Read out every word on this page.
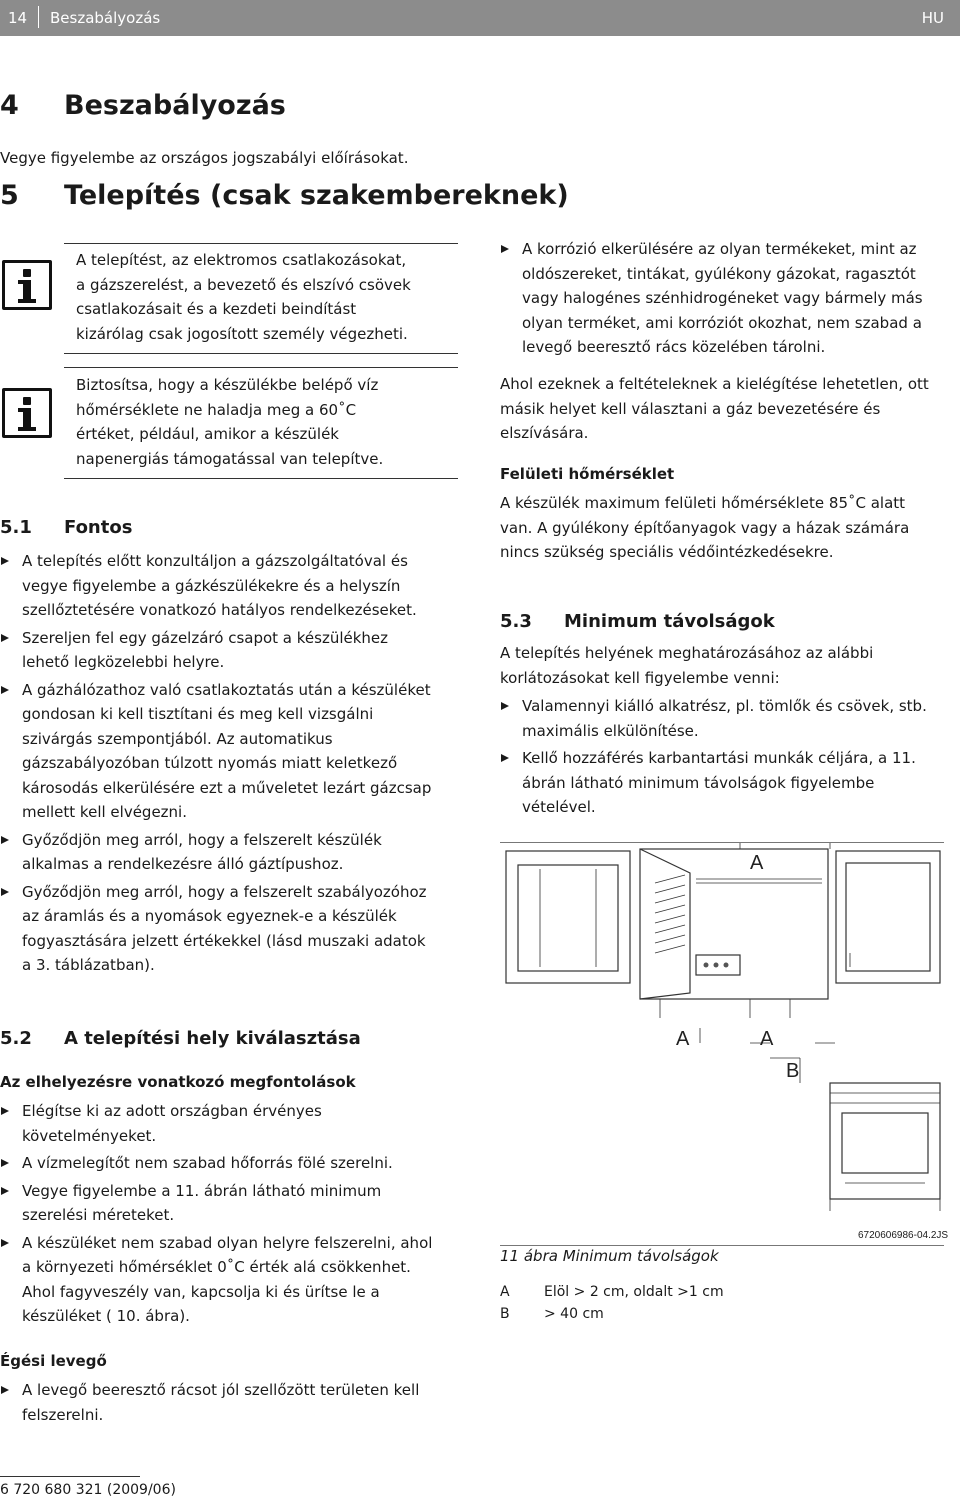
14 Beszabályozás	HU
4 Beszabályozás

Vegye figyelembe az országos jogszabályi előírásokat.

5 Telepítés (csak szakembereknek)

A telepítést, az elektromos csatlakozásokat,

a gázszerelést, a bevezető és elszívó csövek

csatlakozásait és a kezdeti beindítást

kizárólag csak jogosított személy végezheti.

Biztosítsa, hogy a készülékbe belépő víz

hőmérséklete ne haladja meg a 60˚C

értéket, például, amikor a készülék

napenergiás támogatással van telepítve.

5.1 Fontos
A telepítés előtt konzultáljon a gázszolgáltatóval és
vegye figyelembe a gázkészülékekre és a helyszín
szellőztetésére vonatkozó hatályos rendelkezéseket.
Szereljen fel egy gázelzáró csapot a készülékhez
lehető legközelebbi helyre.
A gázhálózathoz való csatlakoztatás után a készüléket
gondosan ki kell tisztítani és meg kell vizsgálni
szivárgás szempontjából. Az automatikus
gázszabályozóban túlzott nyomás miatt keletkező
károsodás elkerülésére ezt a műveletet lezárt gázcsap
mellett kell elvégezni.
Győződjön meg arról, hogy a felszerelt készülék
alkalmas a rendelkezésre álló gáztípushoz.
Győződjön meg arról, hogy a felszerelt szabályozóhoz
az áramlás és a nyomások egyeznek-e a készülék
fogyasztására jelzett értékekkel (lásd muszaki adatok
a 3. táblázatban).
5.2 A telepítési hely kiválasztása

Az elhelyezésre vonatkozó megfontolások

Elégítse ki az adott országban érvényes
követelményeket.
A vízmelegítőt nem szabad hőforrás fölé szerelni.
Vegye figyelembe a 11. ábrán látható minimum
szerelési méreteket.
A készüléket nem szabad olyan helyre felszerelni, ahol
a környezeti hőmérséklet 0˚C érték alá csökkenhet.
Ahol fagyveszély van, kapcsolja ki és ürítse le a
készüléket ( 10. ábra).

Égési levegő

A levegő beeresztő rácsot jól szellőzött területen kell
felszerelni.
A korrózió elkerülésére az olyan termékeket, mint az
oldószereket, tintákat, gyúlékony gázokat, ragasztót
vagy halogénes szénhidrogéneket vagy bármely más
olyan terméket, ami korróziót okozhat, nem szabad a
levegő beeresztő rács közelében tárolni.

Ahol ezeknek a feltételeknek a kielégítése lehetetlen, ott

másik helyet kell választani a gáz bevezetésére és

elszívására.

Felületi hőmérséklet

A készülék maximum felületi hőmérséklete 85˚C alatt

van. A gyúlékony építőanyagok vagy a házak számára

nincs szükség speciális védőintézkedésekre.

5.3 Minimum távolságok

A telepítés helyének meghatározásához az alábbi

korlátozásokat kell figyelembe venni:

Valamennyi kiálló alkatrész, pl. tömlők és csövek, stb.
maximális elkülönítése.
Kellő hozzáférés karbantartási munkák céljára, a 11.
ábrán látható minimum távolságok figyelembe
vételével.
A
A	A
B

11 ábra Minimum távolságok

6720606986-04.2JS
A Elöl > 2 cm, oldalt >1 cm
B > 40 cm

6 720 680 321 (2009/06)
